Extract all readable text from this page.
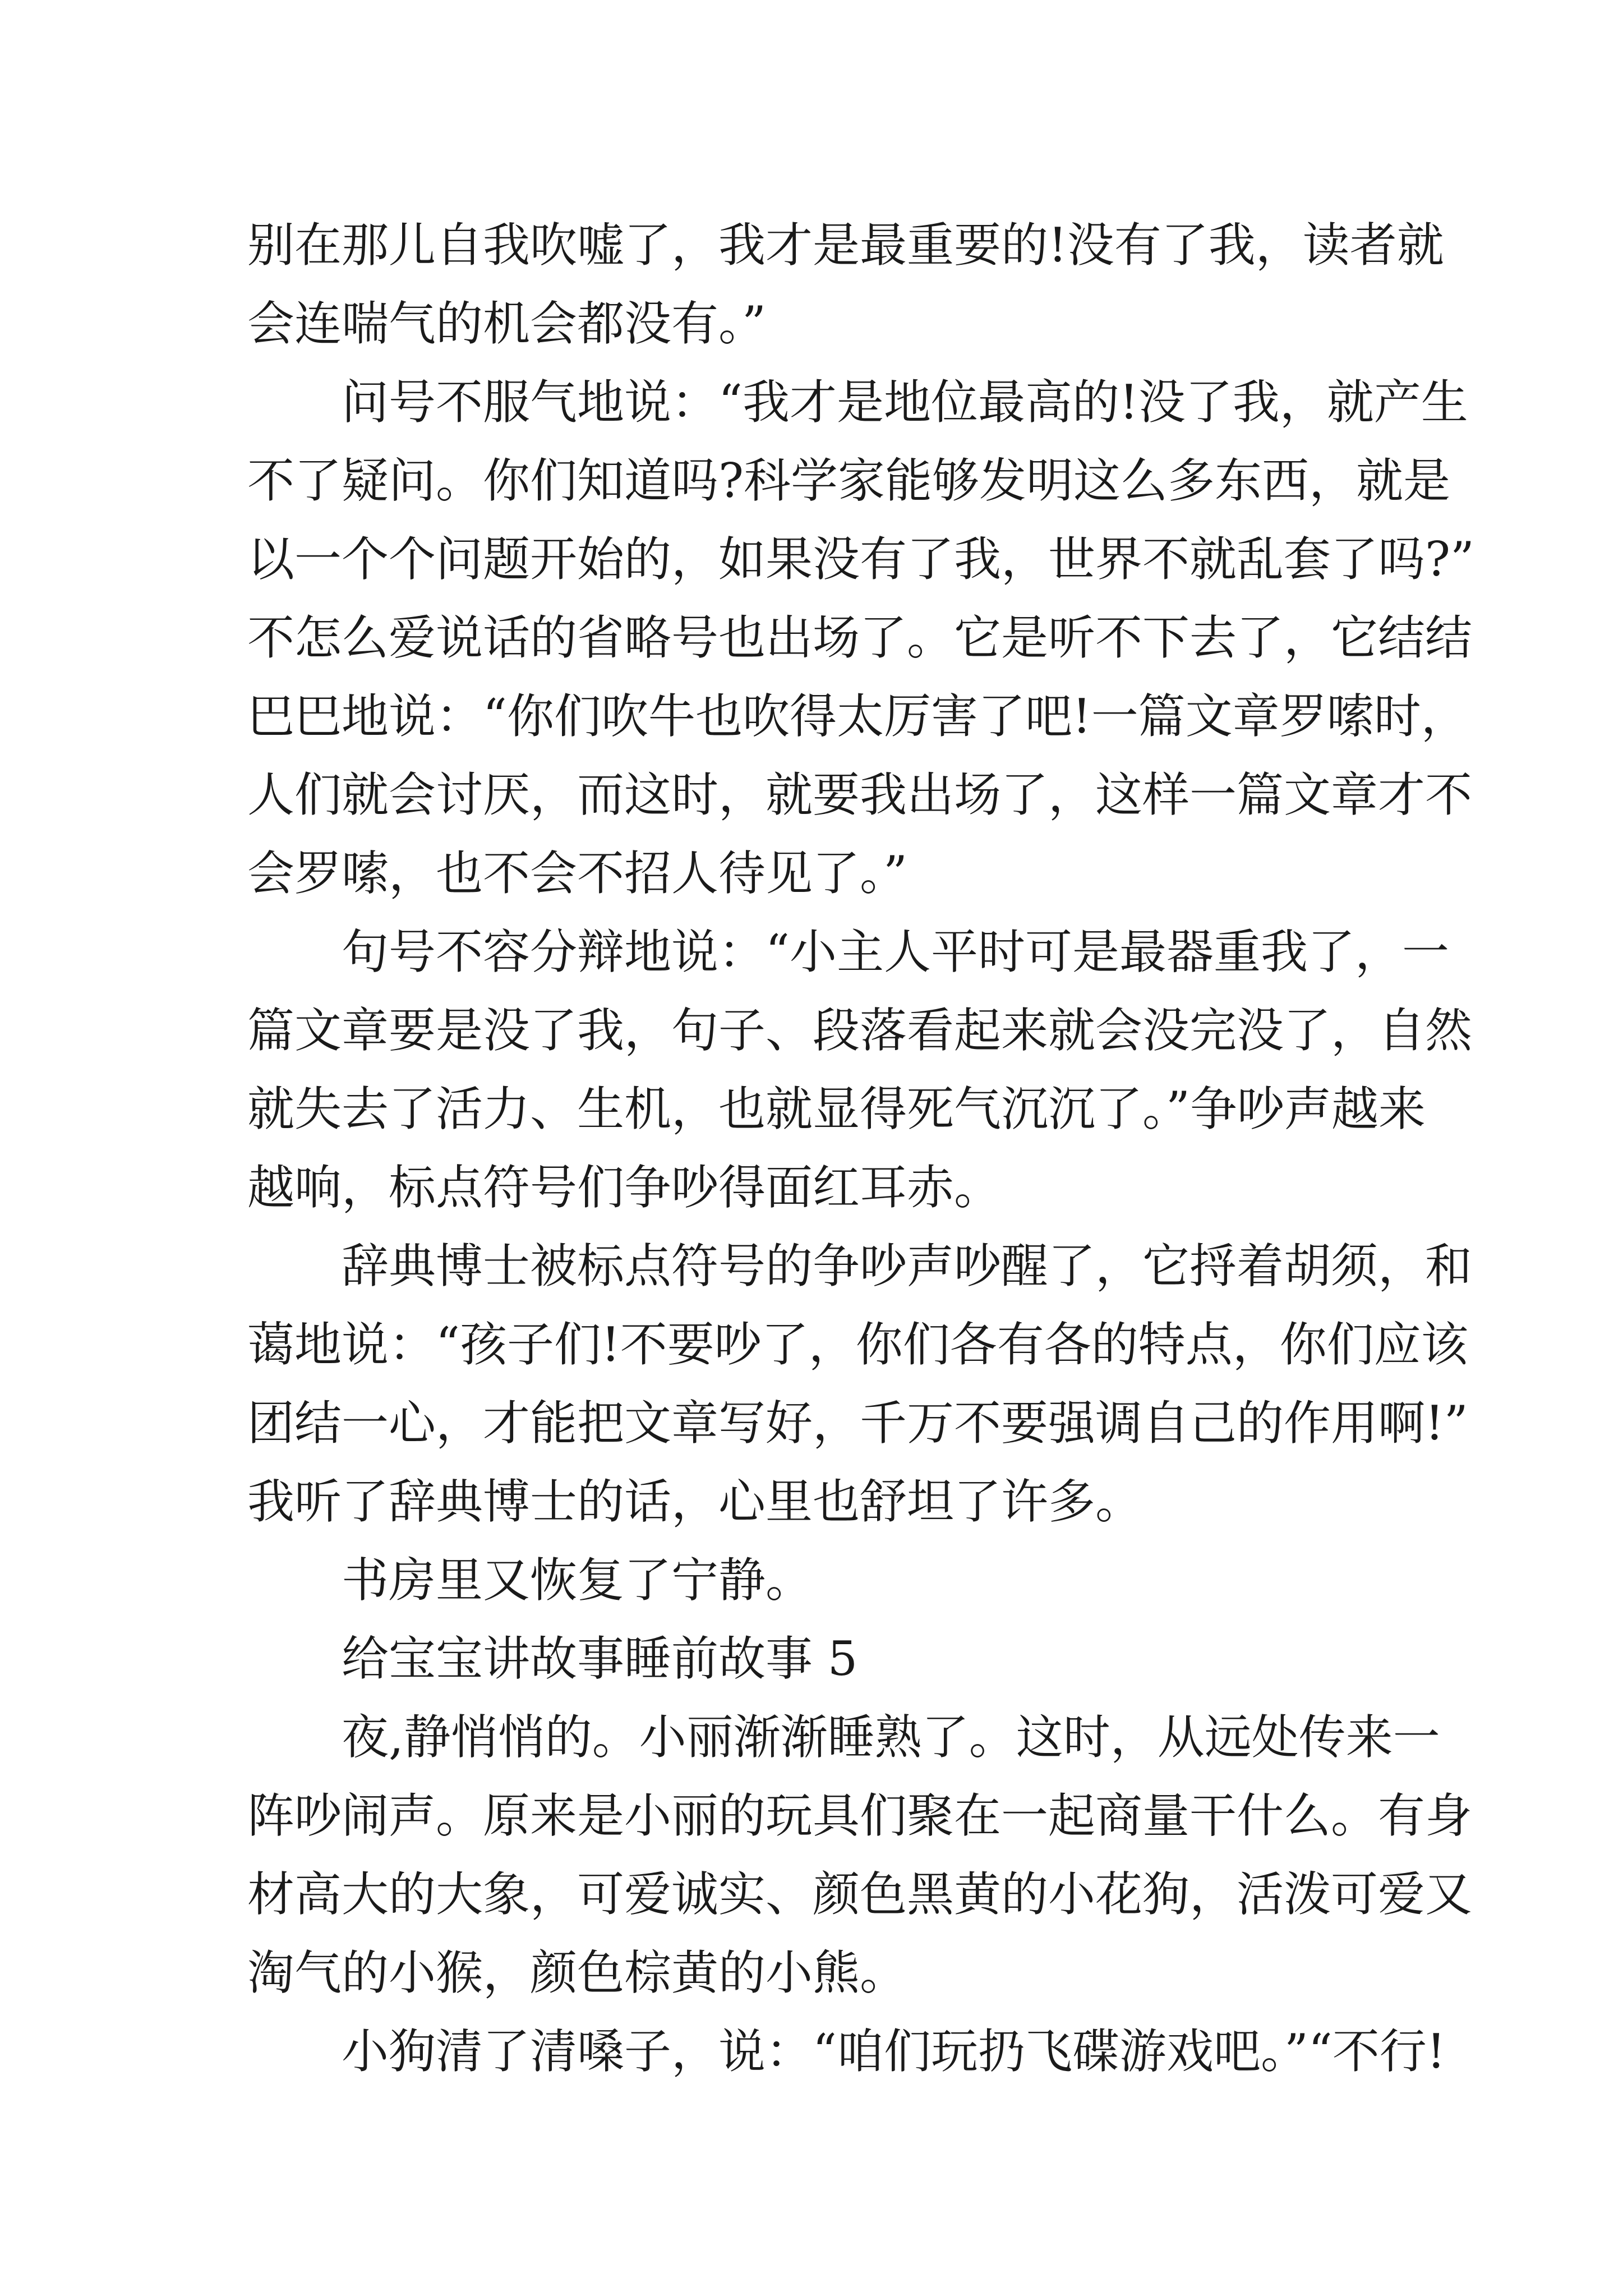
别在那儿自我吹嘘了，我才是最重要的!没有了我，读者就
会连喘气的机会都没有。”
问号不服气地说：“我才是地位最高的!没了我，就产生
不了疑问。你们知道吗?科学家能够发明这么多东西，就是
以一个个问题开始的，如果没有了我，世界不就乱套了吗?”
不怎么爱说话的省略号也出场了。它是听不下去了，它结结
巴巴地说：“你们吹牛也吹得太厉害了吧!一篇文章罗嗦时，
人们就会讨厌，而这时，就要我出场了，这样一篇文章才不
会罗嗦，也不会不招人待见了。”
句号不容分辩地说：“小主人平时可是最器重我了，一
篇文章要是没了我，句子、段落看起来就会没完没了，自然
就失去了活力、生机，也就显得死气沉沉了。”争吵声越来
越响，标点符号们争吵得面红耳赤。
辞典博士被标点符号的争吵声吵醒了，它捋着胡须，和
蔼地说：“孩子们!不要吵了，你们各有各的特点，你们应该
团结一心，才能把文章写好，千万不要强调自己的作用啊!”
我听了辞典博士的话，心里也舒坦了许多。
书房里又恢复了宁静。
给宝宝讲故事睡前故事 5
夜,静悄悄的。小丽渐渐睡熟了。这时，从远处传来一
阵吵闹声。原来是小丽的玩具们聚在一起商量干什么。有身
材高大的大象，可爱诚实、颜色黑黄的小花狗，活泼可爱又
淘气的小猴，颜色棕黄的小熊。
小狗清了清嗓子，说：“咱们玩扔飞碟游戏吧。”“不行!
